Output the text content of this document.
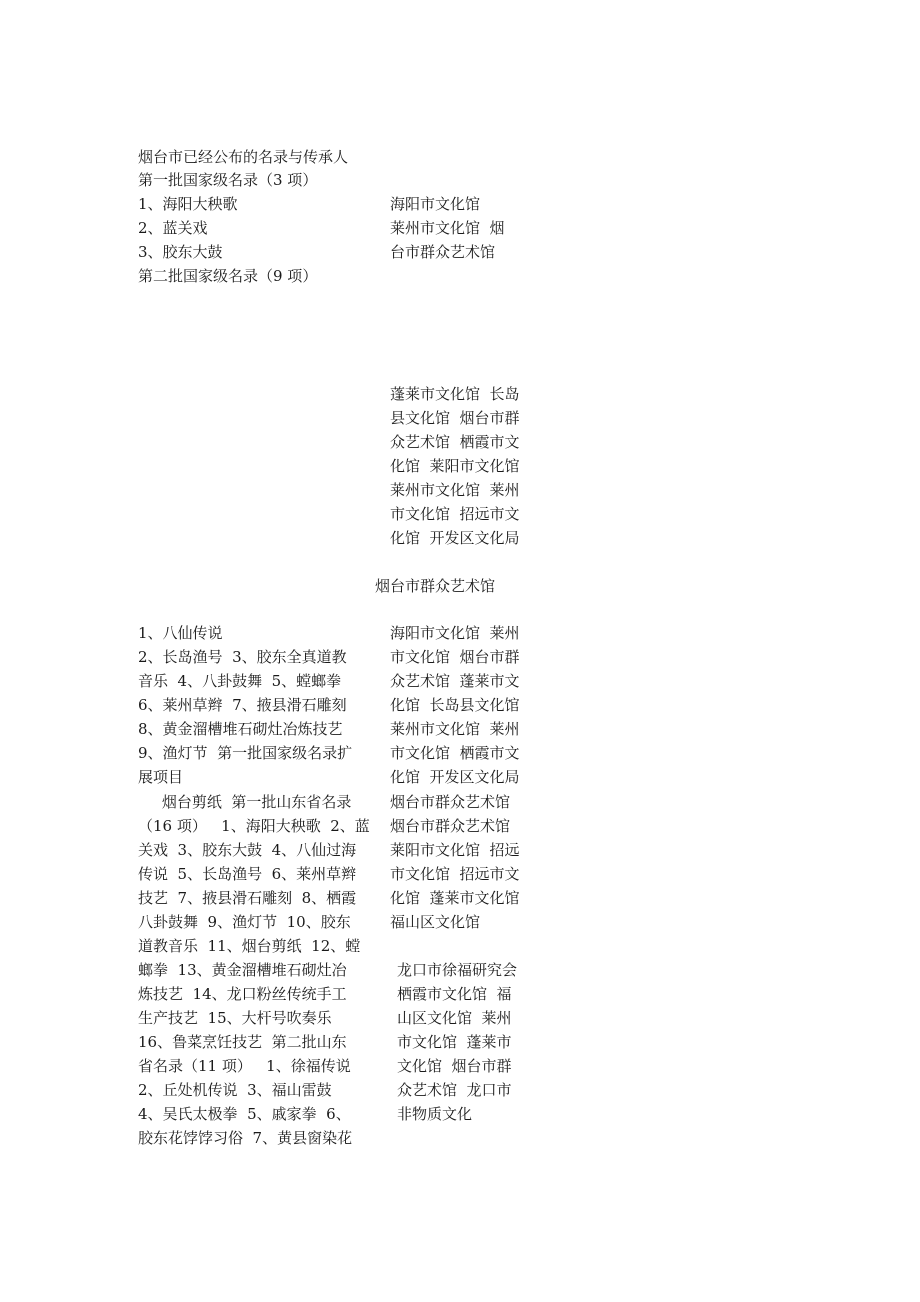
烟台市已经公布的名录与传承人
第一批国家级名录（3 项）
1、海阳大秧歌
2、蓝关戏
3、胶东大鼓
海阳市文化馆
莱州市文化馆  烟
台市群众艺术馆
第二批国家级名录（9 项）
蓬莱市文化馆  长岛
县文化馆  烟台市群
众艺术馆  栖霞市文
化馆  莱阳市文化馆
莱州市文化馆  莱州
市文化馆  招远市文
化馆  开发区文化局
烟台市群众艺术馆
1、八仙传说
2、长岛渔号  3、胶东全真道教
音乐  4、八卦鼓舞  5、螳螂拳
6、莱州草辫  7、掖县滑石雕刻
8、黄金溜槽堆石砌灶冶炼技艺
9、渔灯节  第一批国家级名录扩
展项目
烟台剪纸  第一批山东省名录
（16 项）   1、海阳大秧歌  2、蓝
关戏  3、胶东大鼓  4、八仙过海
传说  5、长岛渔号  6、莱州草辫
技艺  7、掖县滑石雕刻  8、栖霞
八卦鼓舞  9、渔灯节  10、胶东
道教音乐  11、烟台剪纸  12、螳
螂拳  13、黄金溜槽堆石砌灶冶
炼技艺  14、龙口粉丝传统手工
生产技艺  15、大杆号吹奏乐
16、鲁菜烹饪技艺  第二批山东
省名录（11 项）   1、徐福传说
2、丘处机传说  3、福山雷鼓
4、吴氏太极拳  5、戚家拳  6、
胶东花饽饽习俗  7、黄县窗染花
海阳市文化馆  莱州
市文化馆  烟台市群
众艺术馆  蓬莱市文
化馆  长岛县文化馆
莱州市文化馆  莱州
市文化馆  栖霞市文
化馆  开发区文化局
烟台市群众艺术馆
烟台市群众艺术馆
莱阳市文化馆  招远
市文化馆  招远市文
化馆  蓬莱市文化馆
福山区文化馆
龙口市徐福研究会
栖霞市文化馆  福
山区文化馆  莱州
市文化馆  蓬莱市
文化馆  烟台市群
众艺术馆  龙口市
非物质文化
